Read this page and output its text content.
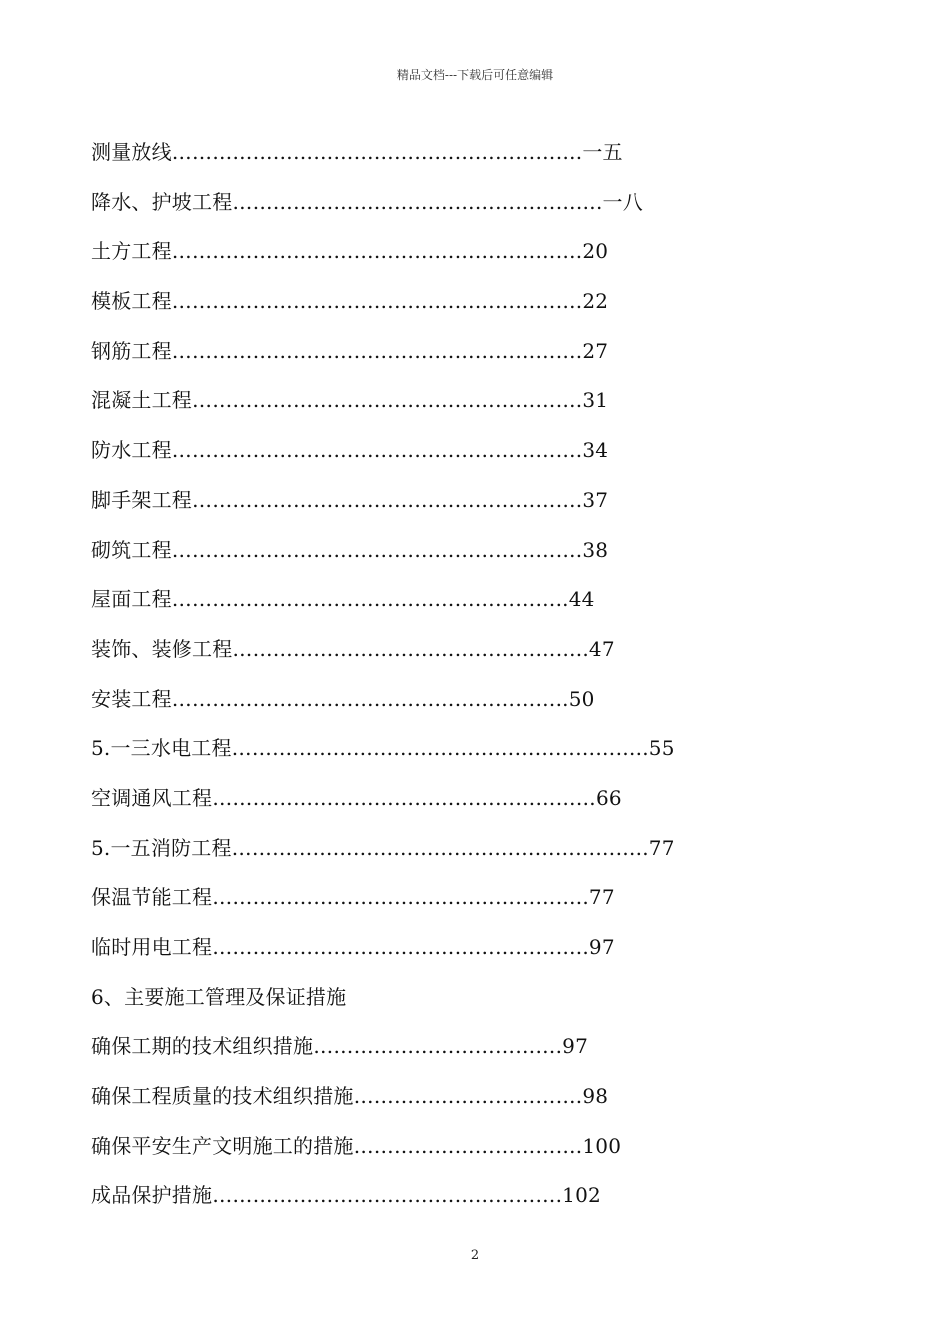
精品文档---下载后可任意编辑
测量放线…………………………………………………….一五
降水、护坡工程……………………………………………….一八
土方工程…………………………………………………….20
模板工程…………………………………………………….22
钢筋工程…………………………………………………….27
混凝土工程………………………………………………….31
防水工程…………………………………………………….34
脚手架工程………………………………………………….37
砌筑工程…………………………………………………….38
屋面工程…………………………………………………..44
装饰、装修工程……………………………………………..47
安装工程…………………………………………………..50
5.一三水电工程……………………………………………………..55
空调通风工程…………………………………………………66
5.一五消防工程……………………………………………………..77
保温节能工程………………………………………………..77
临时用电工程………………………………………………..97
6、主要施工管理及保证措施
确保工期的技术组织措施……………………………….97
确保工程质量的技术组织措施…………………………….98
确保平安生产文明施工的措施…………………………….100
成品保护措施…………………………………………….102
2
